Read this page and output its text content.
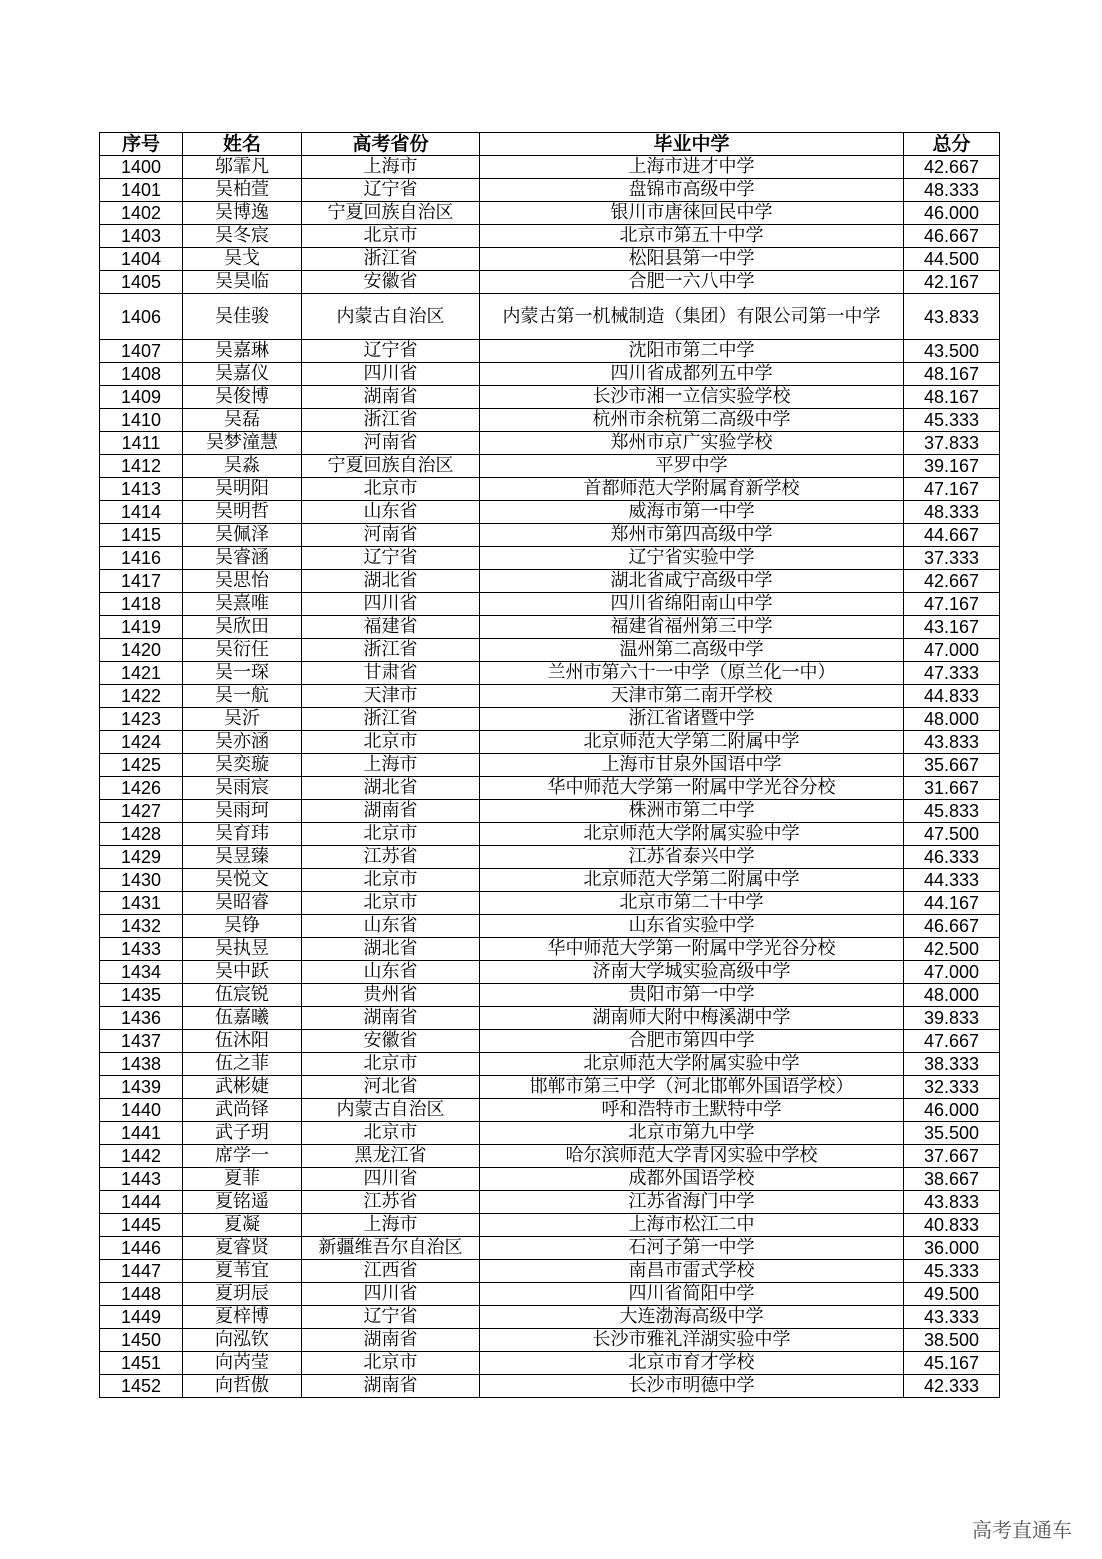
序号	姓名	高考省份	毕业中学	总分
1400	邬霏凡	上海市	上海市进才中学	42.667
1401	吴柏萱	辽宁省	盘锦市高级中学	48.333
1402	吴博逸	宁夏回族自治区	银川市唐徕回民中学	46.000
1403	吴冬宸	北京市	北京市第五十中学	46.667
1404	吴戈	浙江省	松阳县第一中学	44.500
1405	吴昊临	安徽省	合肥一六八中学	42.167
1406	吴佳骏	内蒙古自治区	内蒙古第一机械制造（集团）有限公司第一中学	43.833
1407	吴嘉琳	辽宁省	沈阳市第二中学	43.500
1408	吴嘉仪	四川省	四川省成都列五中学	48.167
1409	吴俊博	湖南省	长沙市湘一立信实验学校	48.167
1410	吴磊	浙江省	杭州市余杭第二高级中学	45.333
1411	吴梦潼慧	河南省	郑州市京广实验学校	37.833
1412	吴淼	宁夏回族自治区	平罗中学	39.167
1413	吴明阳	北京市	首都师范大学附属育新学校	47.167
1414	吴明哲	山东省	威海市第一中学	48.333
1415	吴佩泽	河南省	郑州市第四高级中学	44.667
1416	吴睿涵	辽宁省	辽宁省实验中学	37.333
1417	吴思怡	湖北省	湖北省咸宁高级中学	42.667
1418	吴熹唯	四川省	四川省绵阳南山中学	47.167
1419	吴欣田	福建省	福建省福州第三中学	43.167
1420	吴衍仼	浙江省	温州第二高级中学	47.000
1421	吴一琛	甘肃省	兰州市第六十一中学（原兰化一中）	47.333
1422	吴一航	天津市	天津市第二南开学校	44.833
1423	吴沂	浙江省	浙江省诸暨中学	48.000
1424	吴亦涵	北京市	北京师范大学第二附属中学	43.833
1425	吴奕璇	上海市	上海市甘泉外国语中学	35.667
1426	吴雨宸	湖北省	华中师范大学第一附属中学光谷分校	31.667
1427	吴雨珂	湖南省	株洲市第二中学	45.833
1428	吴育玮	北京市	北京师范大学附属实验中学	47.500
1429	吴昱臻	江苏省	江苏省泰兴中学	46.333
1430	吴悦文	北京市	北京师范大学第二附属中学	44.333
1431	吴昭睿	北京市	北京市第二十中学	44.167
1432	吴铮	山东省	山东省实验中学	46.667
1433	吴执昱	湖北省	华中师范大学第一附属中学光谷分校	42.500
1434	吴中跃	山东省	济南大学城实验高级中学	47.000
1435	伍宸锐	贵州省	贵阳市第一中学	48.000
1436	伍嘉曦	湖南省	湖南师大附中梅溪湖中学	39.833
1437	伍沐阳	安徽省	合肥市第四中学	47.667
1438	伍之菲	北京市	北京师范大学附属实验中学	38.333
1439	武彬婕	河北省	邯郸市第三中学（河北邯郸外国语学校）	32.333
1440	武尚铎	内蒙古自治区	呼和浩特市土默特中学	46.000
1441	武子玥	北京市	北京市第九中学	35.500
1442	席学一	黑龙江省	哈尔滨师范大学青冈实验中学校	37.667
1443	夏菲	四川省	成都外国语学校	38.667
1444	夏铭遥	江苏省	江苏省海门中学	43.833
1445	夏凝	上海市	上海市松江二中	40.833
1446	夏睿贤	新疆维吾尔自治区	石河子第一中学	36.000
1447	夏苇宜	江西省	南昌市雷式学校	45.333
1448	夏玥辰	四川省	四川省简阳中学	49.500
1449	夏梓博	辽宁省	大连渤海高级中学	43.333
1450	向泓钦	湖南省	长沙市雅礼洋湖实验中学	38.500
1451	向芮莹	北京市	北京市育才学校	45.167
1452	向哲傲	湖南省	长沙市明德中学	42.333
高考直通车
